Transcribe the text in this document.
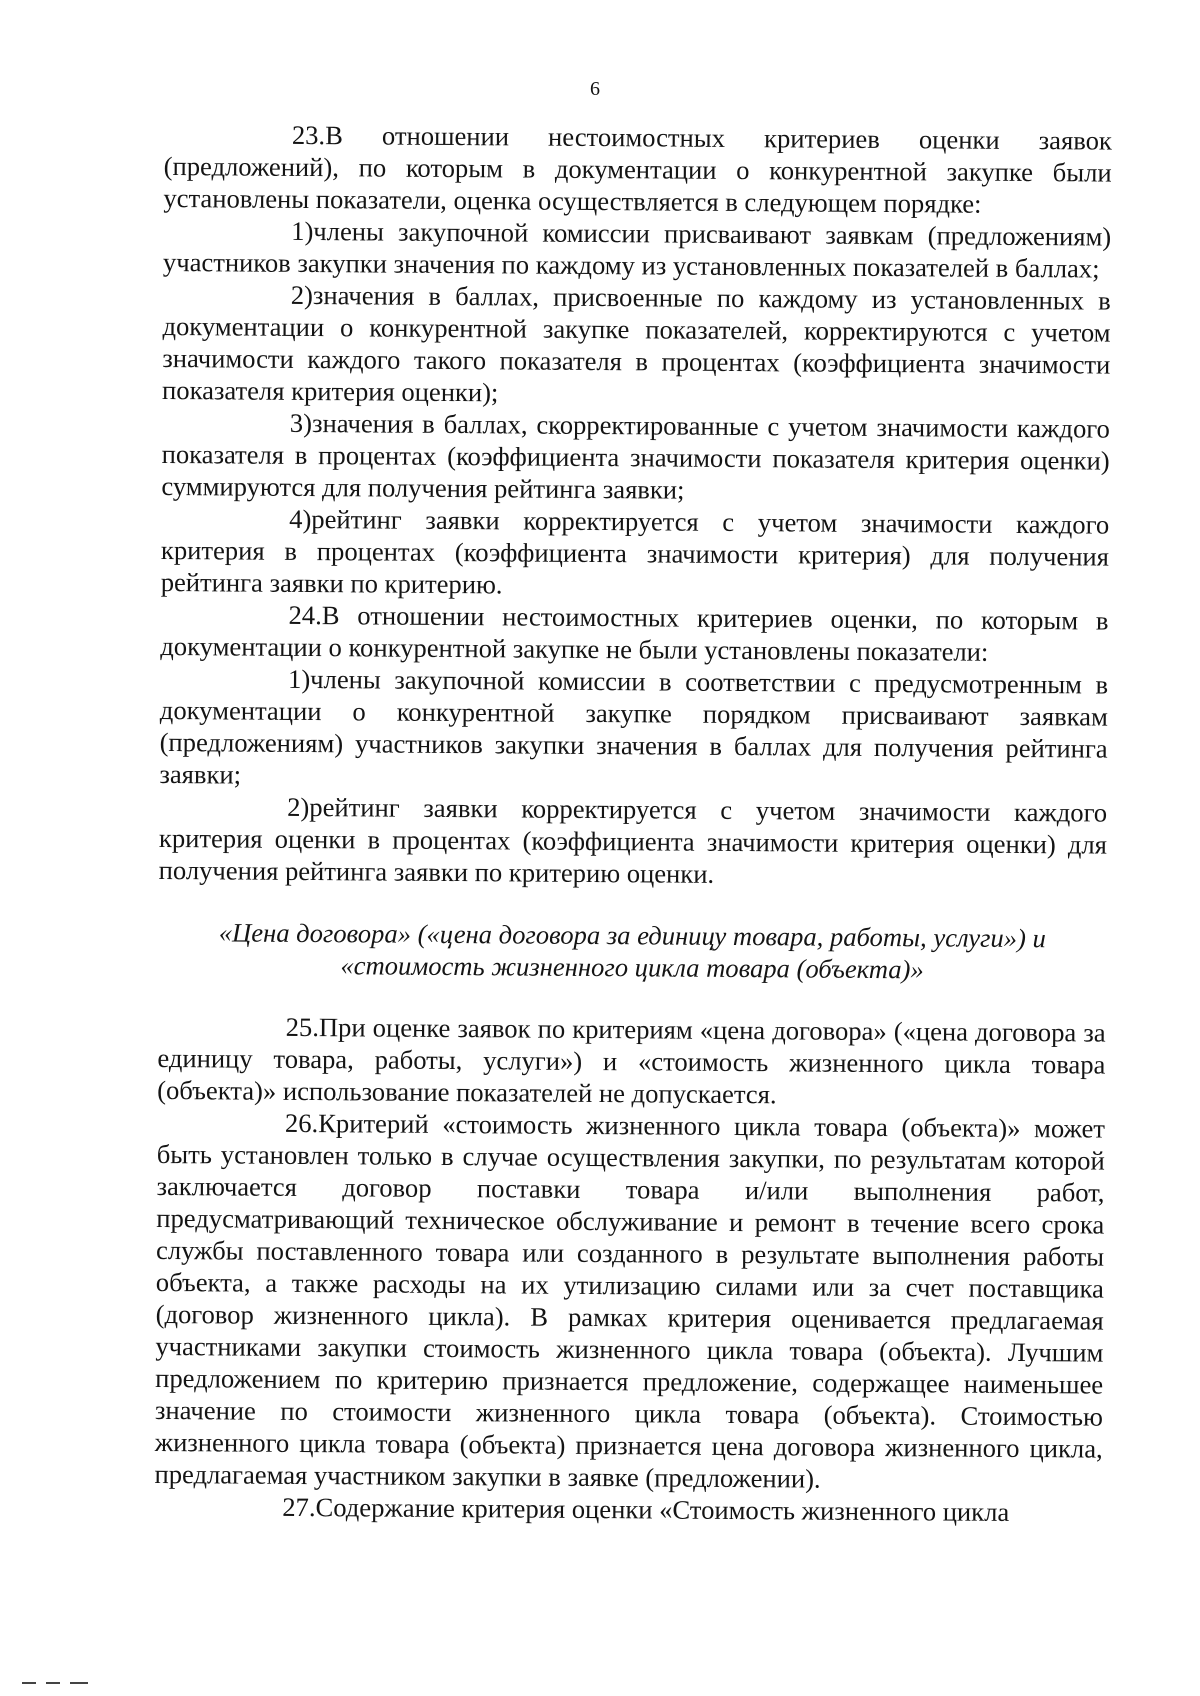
6

23.В отношении нестоимостных критериев оценки заявок (предложений), по которым в документации о конкурентной закупке были установлены показатели, оценка осуществляется в следующем порядке:

1)члены закупочной комиссии присваивают заявкам (предложениям) участников закупки значения по каждому из установленных показателей в баллах;

2)значения в баллах, присвоенные по каждому из установленных в документации о конкурентной закупке показателей, корректируются с учетом значимости каждого такого показателя в процентах (коэффициента значимости показателя критерия оценки);

3)значения в баллах, скорректированные с учетом значимости каждого показателя в процентах (коэффициента значимости показателя критерия оценки) суммируются для получения рейтинга заявки;

4)рейтинг заявки корректируется с учетом значимости каждого критерия в процентах (коэффициента значимости критерия) для получения рейтинга заявки по критерию.

24.В отношении нестоимостных критериев оценки, по которым в документации о конкурентной закупке не были установлены показатели:

1)члены закупочной комиссии в соответствии с предусмотренным в документации о конкурентной закупке порядком присваивают заявкам (предложениям) участников закупки значения в баллах для получения рейтинга заявки;

2)рейтинг заявки корректируется с учетом значимости каждого критерия оценки в процентах (коэффициента значимости критерия оценки) для получения рейтинга заявки по критерию оценки.

«Цена договора» («цена договора за единицу товара, работы, услуги») и
«стоимость жизненного цикла товара (объекта)»

25.При оценке заявок по критериям «цена договора» («цена договора за единицу товара, работы, услуги») и «стоимость жизненного цикла товара (объекта)» использование показателей не допускается.

26.Критерий «стоимость жизненного цикла товара (объекта)» может быть установлен только в случае осуществления закупки, по результатам которой заключается договор поставки товара и/или выполнения работ, предусматривающий техническое обслуживание и ремонт в течение всего срока службы поставленного товара или созданного в результате выполнения работы объекта, а также расходы на их утилизацию силами или за счет поставщика (договор жизненного цикла). В рамках критерия оценивается предлагаемая участниками закупки стоимость жизненного цикла товара (объекта). Лучшим предложением по критерию признается предложение, содержащее наименьшее значение по стоимости жизненного цикла товара (объекта). Стоимостью жизненного цикла товара (объекта) признается цена договора жизненного цикла, предлагаемая участником закупки в заявке (предложении).

27.Содержание критерия оценки «Стоимость жизненного цикла
